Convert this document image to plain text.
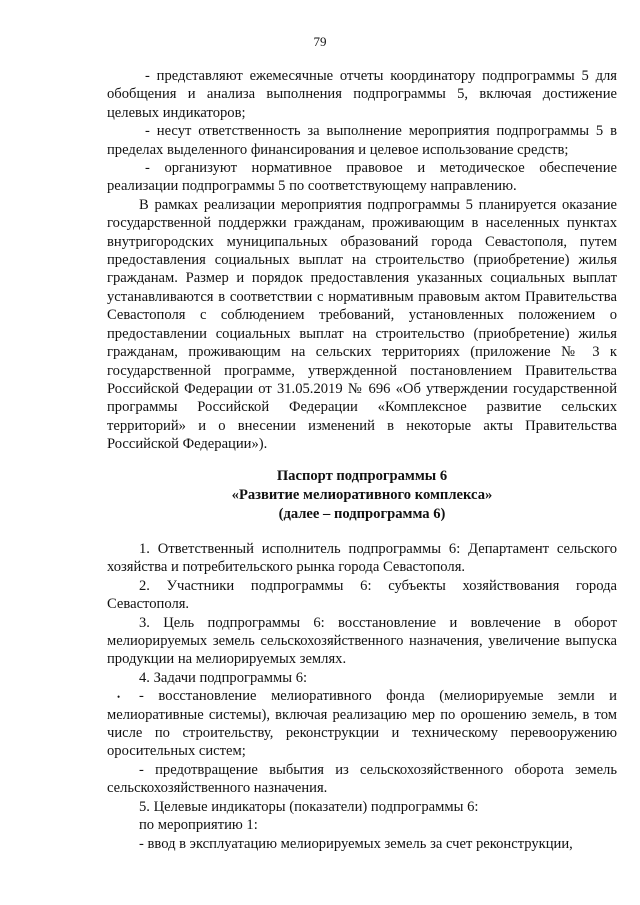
79

- представляют ежемесячные отчеты координатору подпрограммы 5 для обобщения и анализа выполнения подпрограммы 5, включая достижение целевых индикаторов;

- несут ответственность за выполнение мероприятия подпрограммы 5 в пределах выделенного финансирования и целевое использование средств;

- организуют нормативное правовое и методическое обеспечение реализации подпрограммы 5 по соответствующему направлению.

В рамках реализации мероприятия подпрограммы 5 планируется оказание государственной поддержки гражданам, проживающим в населенных пунктах внутригородских муниципальных образований города Севастополя, путем предоставления социальных выплат на строительство (приобретение) жилья гражданам. Размер и порядок предоставления указанных социальных выплат устанавливаются в соответствии с нормативным правовым актом Правительства Севастополя с соблюдением требований, установленных положением о предоставлении социальных выплат на строительство (приобретение) жилья гражданам, проживающим на сельских территориях (приложение № 3 к государственной программе, утвержденной постановлением Правительства Российской Федерации от 31.05.2019 № 696 «Об утверждении государственной программы Российской Федерации «Комплексное развитие сельских территорий» и о внесении изменений в некоторые акты Правительства Российской Федерации»).

Паспорт подпрограммы 6
«Развитие мелиоративного комплекса»
(далее – подпрограмма 6)

1. Ответственный исполнитель подпрограммы 6: Департамент сельского хозяйства и потребительского рынка города Севастополя.

2. Участники подпрограммы 6: субъекты хозяйствования города Севастополя.

3. Цель подпрограммы 6: восстановление и вовлечение в оборот мелиорируемых земель сельскохозяйственного назначения, увеличение выпуска продукции на мелиорируемых землях.

4. Задачи подпрограммы 6:

- восстановление мелиоративного фонда (мелиорируемые земли и мелиоративные системы), включая реализацию мер по орошению земель, в том числе по строительству, реконструкции и техническому перевооружению оросительных систем;

- предотвращение выбытия из сельскохозяйственного оборота земель сельскохозяйственного назначения.

5. Целевые индикаторы (показатели) подпрограммы 6:

по мероприятию 1:

- ввод в эксплуатацию мелиорируемых земель за счет реконструкции,

•
